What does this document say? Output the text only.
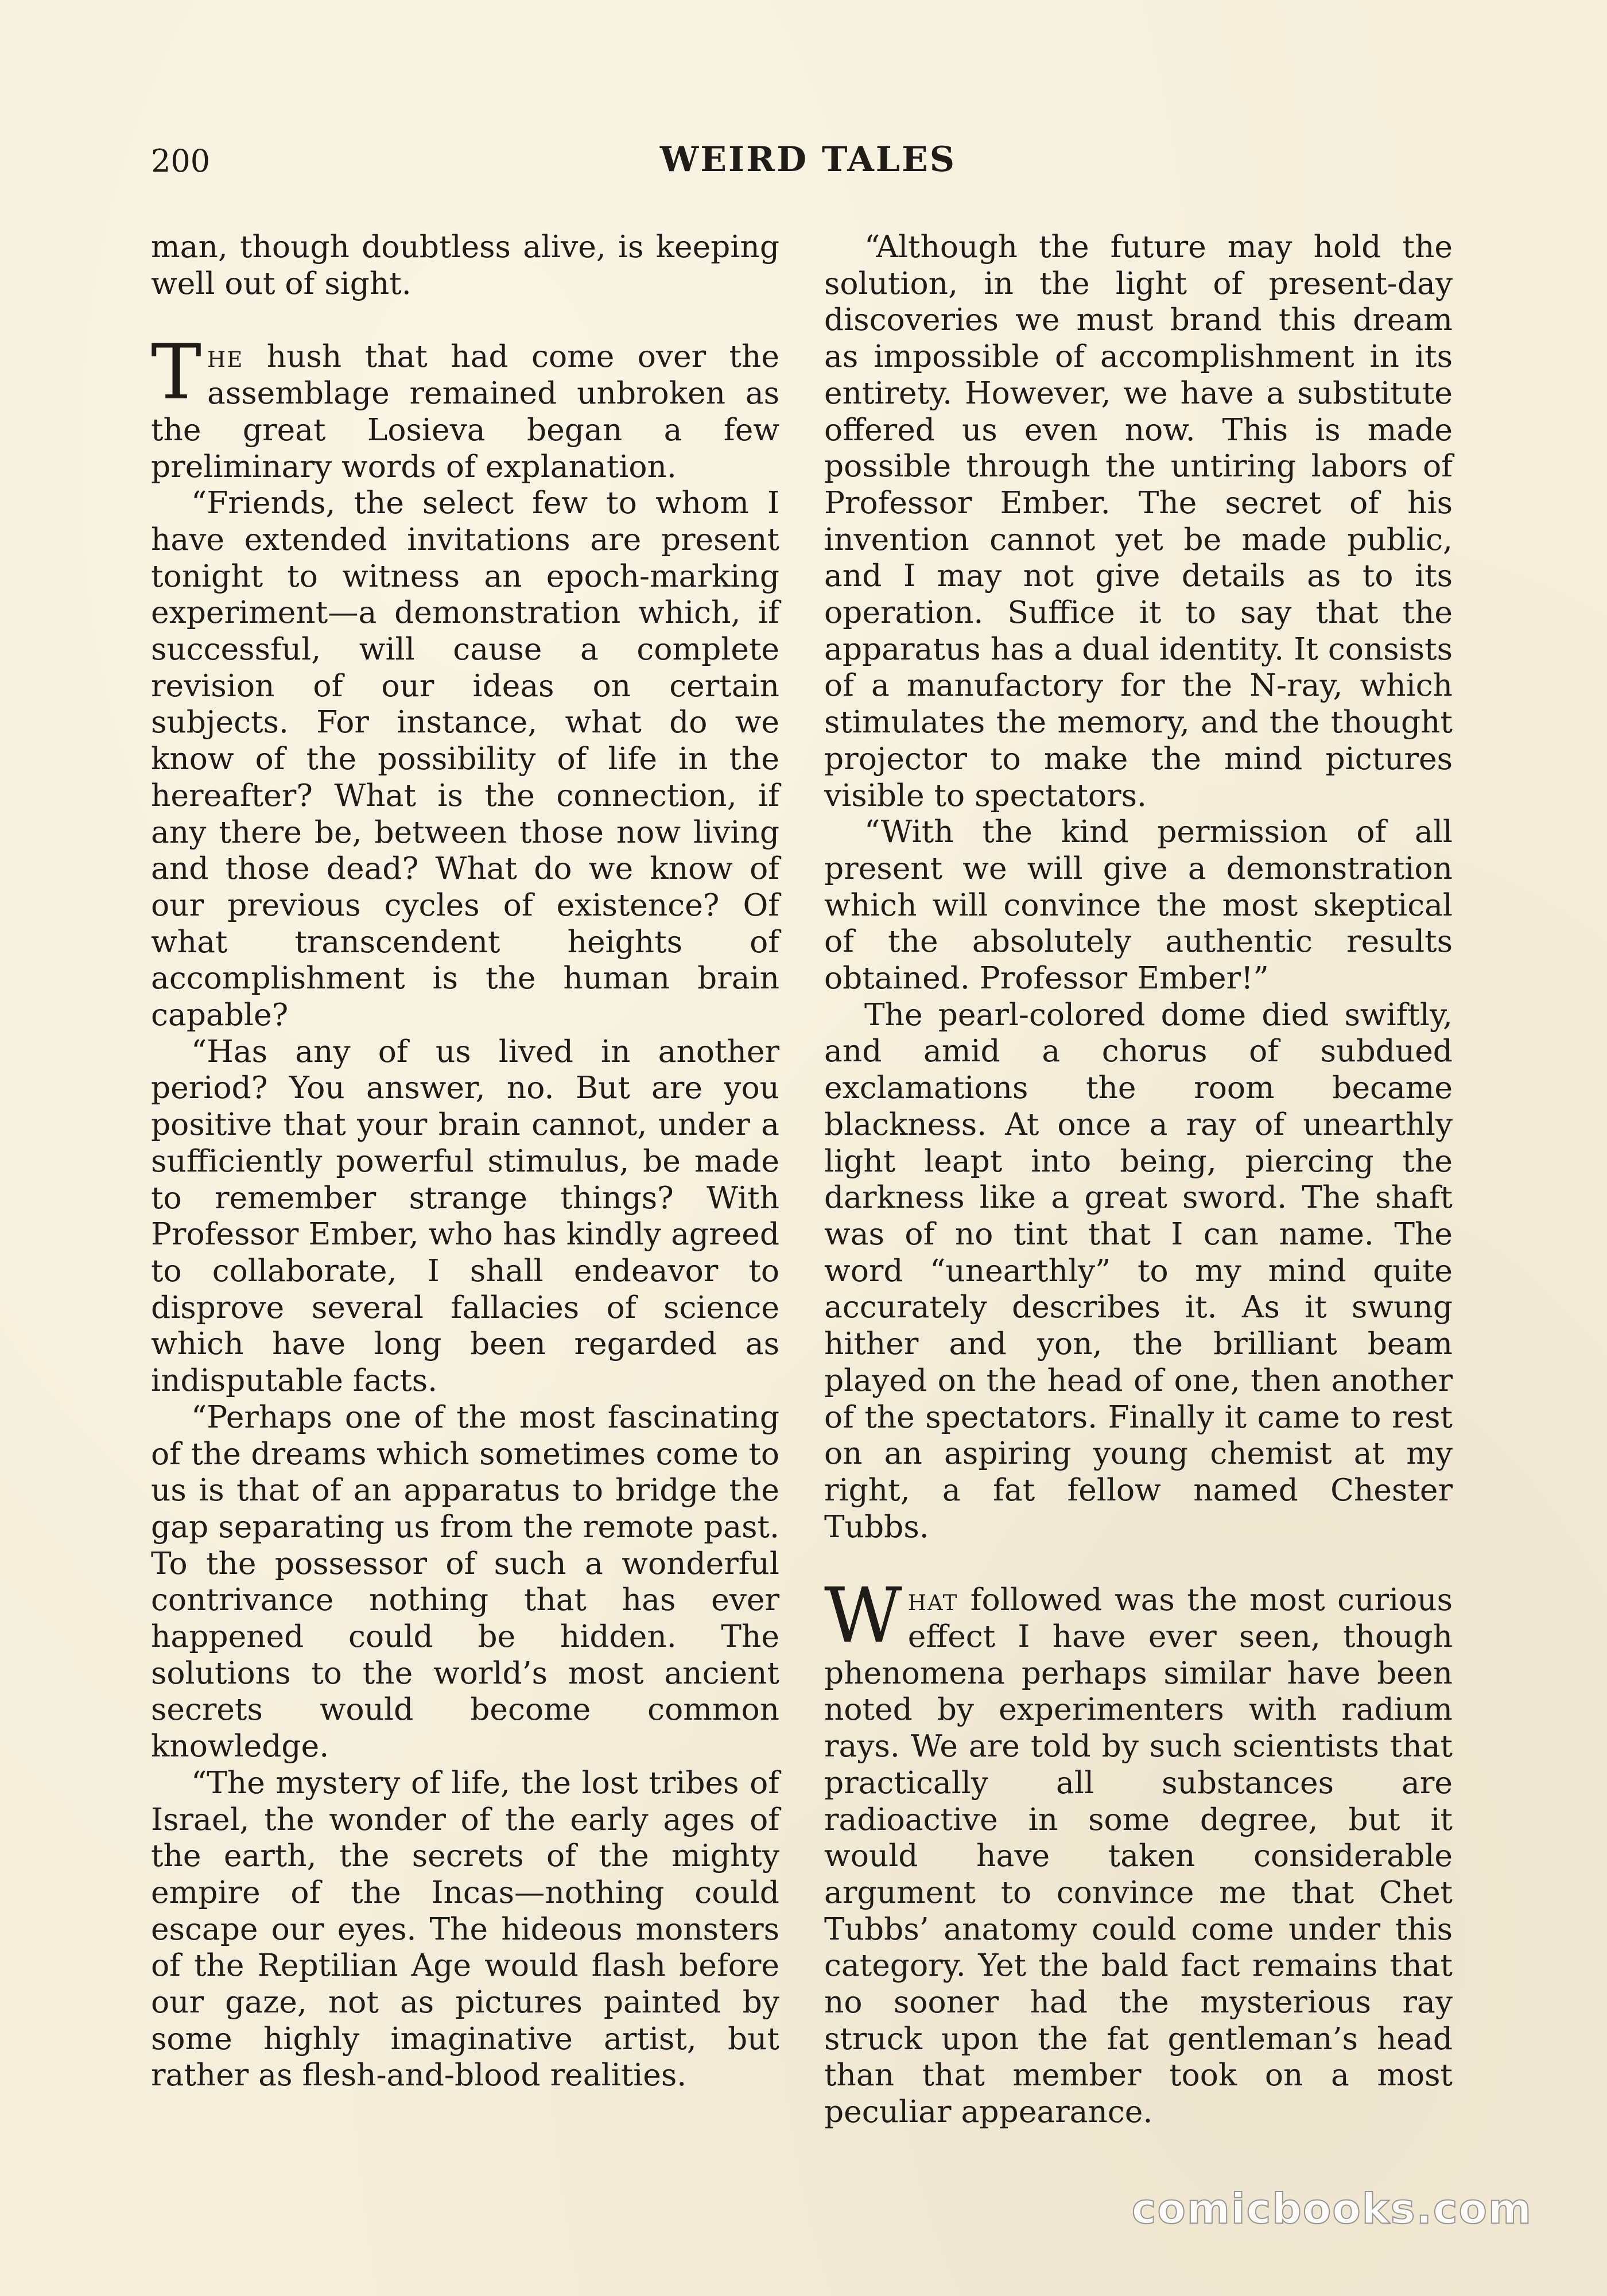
200	WEIRD TALES

man, though doubtless alive, is keeping well out of sight.

The hush that had come over the assemblage remained unbroken as the great Losieva began a few preliminary words of explanation.

“Friends, the select few to whom I have extended invitations are present tonight to witness an epoch-marking experiment—a demonstration which, if successful, will cause a complete revision of our ideas on certain subjects. For instance, what do we know of the possibility of life in the hereafter? What is the connection, if any there be, between those now living and those dead? What do we know of our previous cycles of existence? Of what transcendent heights of accomplishment is the human brain capable?

“Has any of us lived in another period? You answer, no. But are you positive that your brain cannot, under a sufficiently powerful stimulus, be made to remember strange things? With Professor Ember, who has kindly agreed to collaborate, I shall endeavor to disprove several fallacies of science which have long been regarded as indisputable facts.

“Perhaps one of the most fascinating of the dreams which sometimes come to us is that of an apparatus to bridge the gap separating us from the remote past. To the possessor of such a wonderful contrivance nothing that has ever happened could be hidden. The solutions to the world’s most ancient secrets would become common knowledge.

“The mystery of life, the lost tribes of Israel, the wonder of the early ages of the earth, the secrets of the mighty empire of the Incas—nothing could escape our eyes. The hideous monsters of the Reptilian Age would flash before our gaze, not as pictures painted by some highly imaginative artist, but rather as flesh-and-blood realities.

“Although the future may hold the solution, in the light of present-day discoveries we must brand this dream as impossible of accomplishment in its entirety. However, we have a substitute offered us even now. This is made possible through the untiring labors of Professor Ember. The secret of his invention cannot yet be made public, and I may not give details as to its operation. Suffice it to say that the apparatus has a dual identity. It consists of a manufactory for the N-ray, which stimulates the memory, and the thought projector to make the mind pictures visible to spectators.

“With the kind permission of all present we will give a demonstration which will convince the most skeptical of the absolutely authentic results obtained. Professor Ember!”

The pearl-colored dome died swiftly, and amid a chorus of subdued exclamations the room became blackness. At once a ray of unearthly light leapt into being, piercing the darkness like a great sword. The shaft was of no tint that I can name. The word “unearthly” to my mind quite accurately describes it. As it swung hither and yon, the brilliant beam played on the head of one, then another of the spectators. Finally it came to rest on an aspiring young chemist at my right, a fat fellow named Chester Tubbs.

What followed was the most curious effect I have ever seen, though phenomena perhaps similar have been noted by experimenters with radium rays. We are told by such scientists that practically all substances are radioactive in some degree, but it would have taken considerable argument to convince me that Chet Tubbs’ anatomy could come under this category. Yet the bald fact remains that no sooner had the mysterious ray struck upon the fat gentleman’s head than that member took on a most peculiar appearance.

comicbooks.com
